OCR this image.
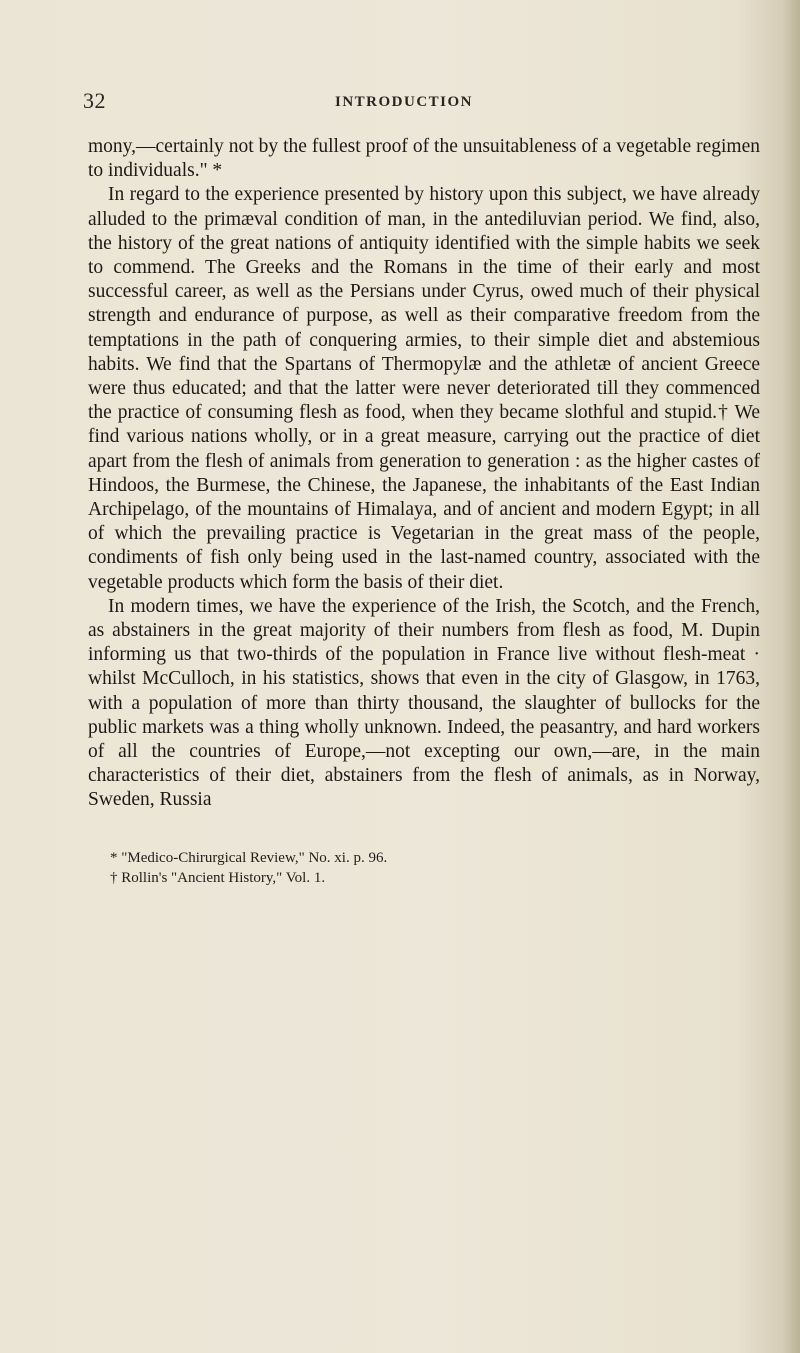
32	INTRODUCTION

mony,—certainly not by the fullest proof of the unsuitableness of a vegetable regimen to individuals." *

In regard to the experience presented by history upon this subject, we have already alluded to the primæval condition of man, in the antediluvian period. We find, also, the history of the great nations of antiquity identified with the simple habits we seek to commend. The Greeks and the Romans in the time of their early and most successful career, as well as the Persians under Cyrus, owed much of their physical strength and endurance of purpose, as well as their comparative freedom from the temptations in the path of conquering armies, to their simple diet and abstemious habits. We find that the Spartans of Thermopylæ and the athletæ of ancient Greece were thus educated; and that the latter were never deteriorated till they commenced the practice of consuming flesh as food, when they became slothful and stupid.† We find various nations wholly, or in a great measure, carrying out the practice of diet apart from the flesh of animals from generation to generation : as the higher castes of Hindoos, the Burmese, the Chinese, the Japanese, the inhabitants of the East Indian Archipelago, of the mountains of Himalaya, and of ancient and modern Egypt; in all of which the prevailing practice is Vegetarian in the great mass of the people, condiments of fish only being used in the last-named country, associated with the vegetable products which form the basis of their diet.

In modern times, we have the experience of the Irish, the Scotch, and the French, as abstainers in the great majority of their numbers from flesh as food, M. Dupin informing us that two-thirds of the population in France live without flesh-meat · whilst McCulloch, in his statistics, shows that even in the city of Glasgow, in 1763, with a population of more than thirty thousand, the slaughter of bullocks for the public markets was a thing wholly unknown. Indeed, the peasantry, and hard workers of all the countries of Europe,—not excepting our own,—are, in the main characteristics of their diet, abstainers from the flesh of animals, as in Norway, Sweden, Russia

* "Medico-Chirurgical Review," No. xi. p. 96.
† Rollin's "Ancient History," Vol. 1.
